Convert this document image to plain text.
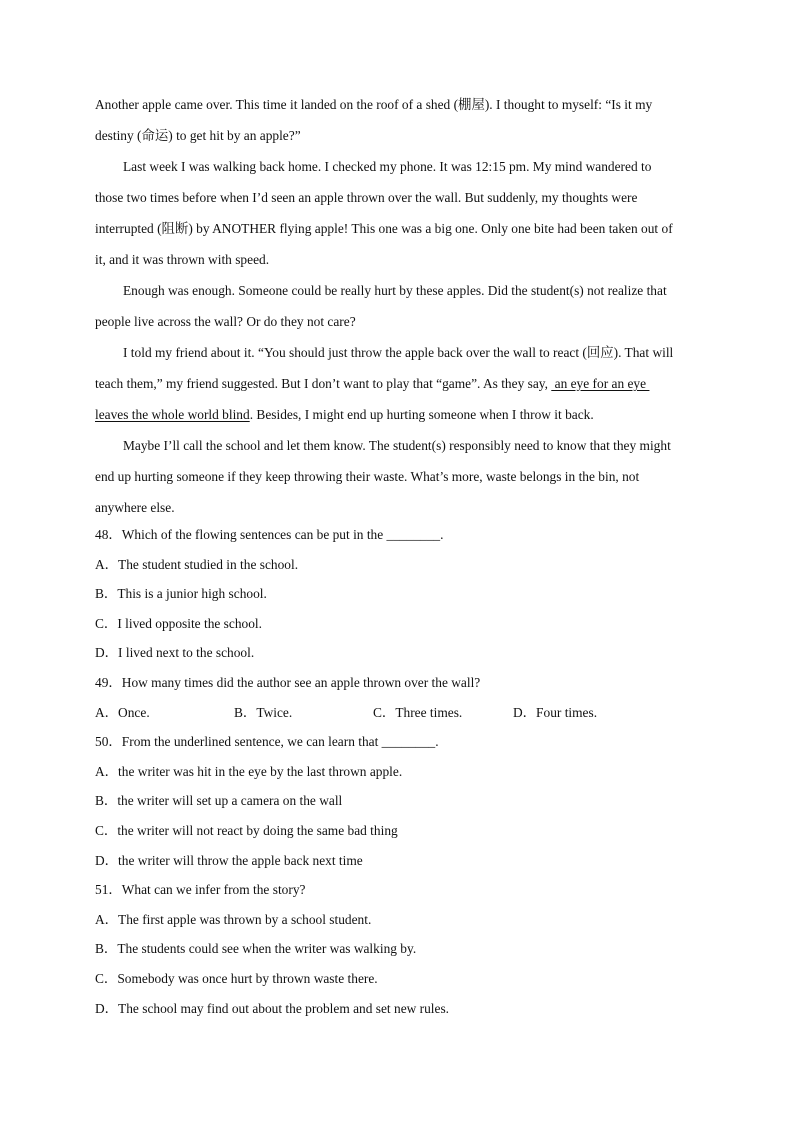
Another apple came over. This time it landed on the roof of a shed (棚屋). I thought to myself: “Is it my
destiny (命运) to get hit by an apple?”
Last week I was walking back home. I checked my phone. It was 12:15 pm. My mind wandered to
those two times before when I’d seen an apple thrown over the wall. But suddenly, my thoughts were
interrupted (阻断) by ANOTHER flying apple! This one was a big one. Only one bite had been taken out of
it, and it was thrown with speed.
Enough was enough. Someone could be really hurt by these apples. Did the student(s) not realize that
people live across the wall? Or do they not care?
I told my friend about it. “You should just throw the apple back over the wall to react (回应). That will
teach them,” my friend suggested. But I don’t want to play that “game”. As they say,  an eye for an eye
leaves the whole world blind. Besides, I might end up hurting someone when I throw it back.
Maybe I’ll call the school and let them know. The student(s) responsibly need to know that they might
end up hurting someone if they keep throwing their waste. What’s more, waste belongs in the bin, not
anywhere else.
48．Which of the flowing sentences can be put in the ________.
A．The student studied in the school.
B．This is a junior high school.
C．I lived opposite the school.
D．I lived next to the school.
49．How many times did the author see an apple thrown over the wall?
A．Once.	B．Twice.	C．Three times.	D．Four times.
50．From the underlined sentence, we can learn that ________.
A．the writer was hit in the eye by the last thrown apple.
B．the writer will set up a camera on the wall
C．the writer will not react by doing the same bad thing
D．the writer will throw the apple back next time
51．What can we infer from the story?
A．The first apple was thrown by a school student.
B．The students could see when the writer was walking by.
C．Somebody was once hurt by thrown waste there.
D．The school may find out about the problem and set new rules.
